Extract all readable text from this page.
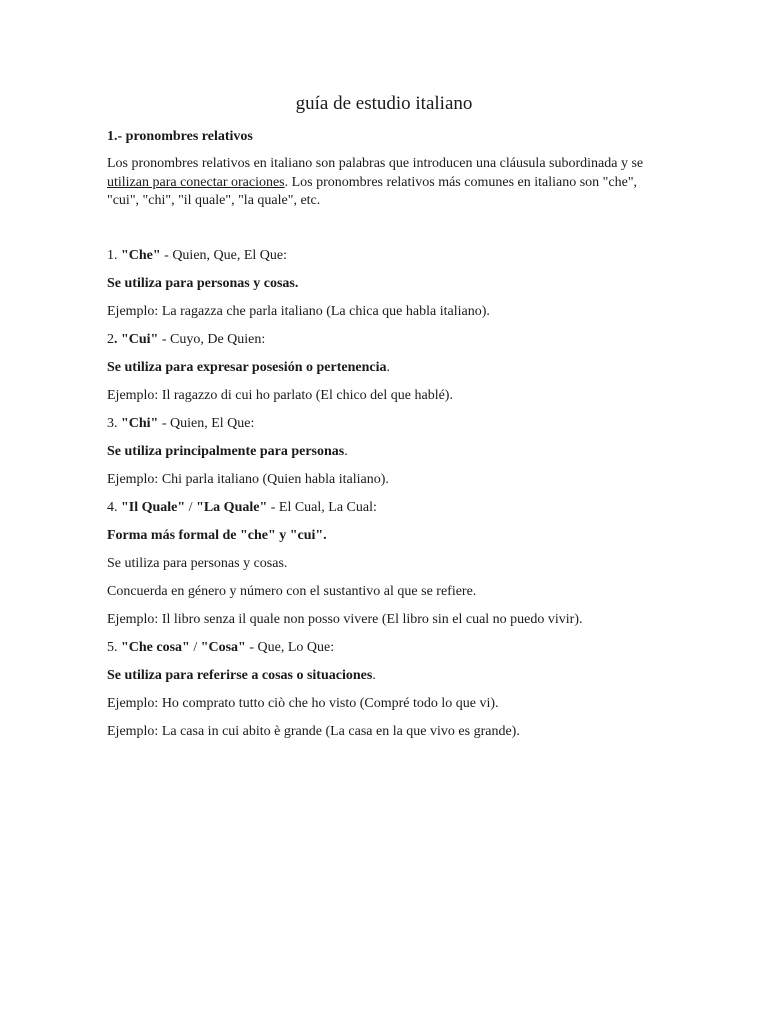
guía de estudio italiano
1.- pronombres relativos
Los pronombres relativos en italiano son palabras que introducen una cláusula subordinada y se utilizan para conectar oraciones. Los pronombres relativos más comunes en italiano son "che", "cui", "chi", "il quale", "la quale", etc.
1. "Che" - Quien, Que, El Que:
Se utiliza para personas y cosas.
Ejemplo: La ragazza che parla italiano (La chica que habla italiano).
2. "Cui" - Cuyo, De Quien:
Se utiliza para expresar posesión o pertenencia.
Ejemplo: Il ragazzo di cui ho parlato (El chico del que hablé).
3. "Chi" - Quien, El Que:
Se utiliza principalmente para personas.
Ejemplo: Chi parla italiano (Quien habla italiano).
4. "Il Quale" / "La Quale" - El Cual, La Cual:
Forma más formal de "che" y "cui".
Se utiliza para personas y cosas.
Concuerda en género y número con el sustantivo al que se refiere.
Ejemplo: Il libro senza il quale non posso vivere (El libro sin el cual no puedo vivir).
5. "Che cosa" / "Cosa" - Que, Lo Que:
Se utiliza para referirse a cosas o situaciones.
Ejemplo: Ho comprato tutto ciò che ho visto (Compré todo lo que vi).
Ejemplo: La casa in cui abito è grande (La casa en la que vivo es grande).
